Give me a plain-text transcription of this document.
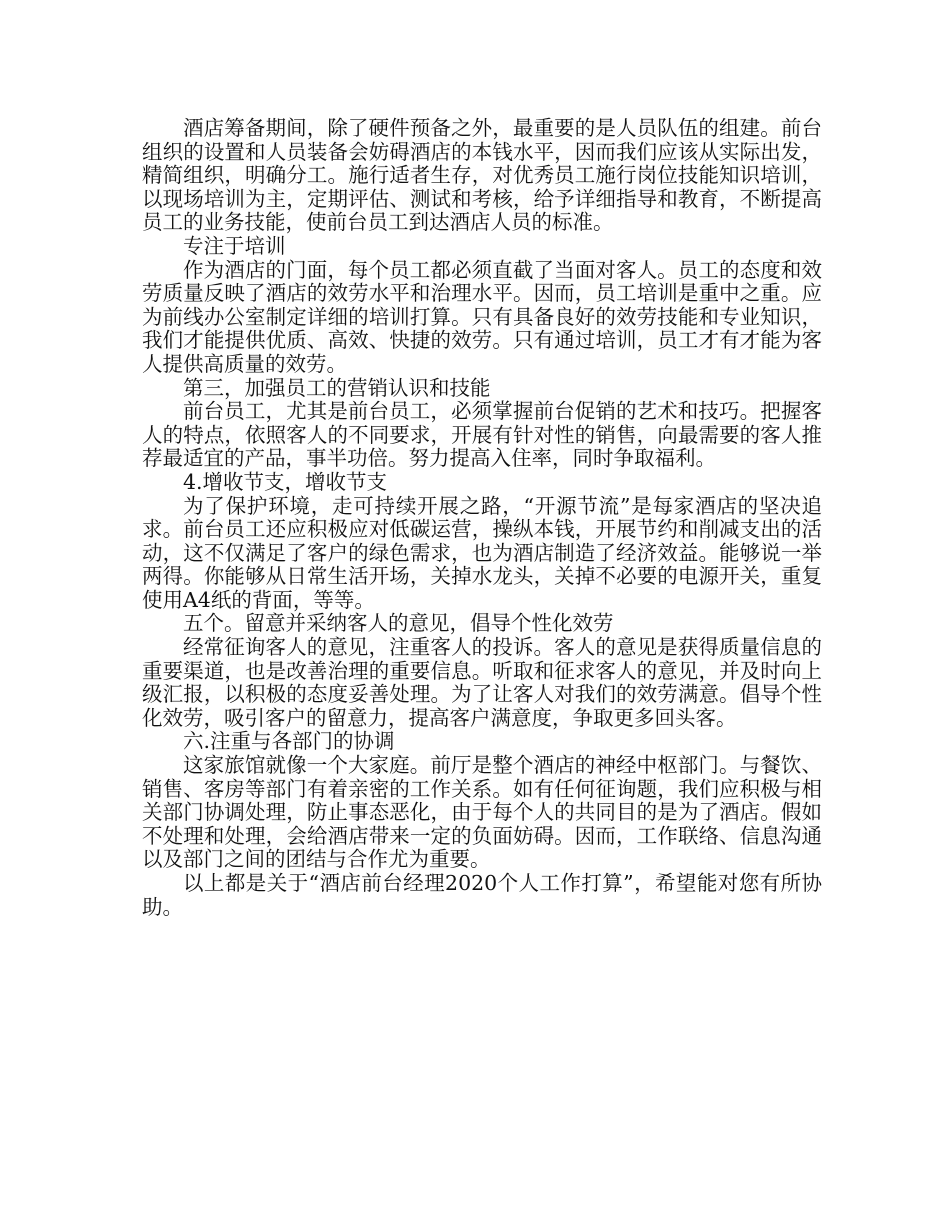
酒店筹备期间，除了硬件预备之外，最重要的是人员队伍的组建。前台组织的设置和人员装备会妨碍酒店的本钱水平，因而我们应该从实际出发，精简组织，明确分工。施行适者生存，对优秀员工施行岗位技能知识培训，以现场培训为主，定期评估、测试和考核，给予详细指导和教育，不断提高员工的业务技能，使前台员工到达酒店人员的标准。

专注于培训

作为酒店的门面，每个员工都必须直截了当面对客人。员工的态度和效劳质量反映了酒店的效劳水平和治理水平。因而，员工培训是重中之重。应为前线办公室制定详细的培训打算。只有具备良好的效劳技能和专业知识，我们才能提供优质、高效、快捷的效劳。只有通过培训，员工才有才能为客人提供高质量的效劳。

第三，加强员工的营销认识和技能

前台员工，尤其是前台员工，必须掌握前台促销的艺术和技巧。把握客人的特点，依照客人的不同要求，开展有针对性的销售，向最需要的客人推荐最适宜的产品，事半功倍。努力提高入住率，同时争取福利。

4.增收节支，增收节支

为了保护环境，走可持续开展之路，“开源节流”是每家酒店的坚决追求。前台员工还应积极应对低碳运营，操纵本钱，开展节约和削减支出的活动，这不仅满足了客户的绿色需求，也为酒店制造了经济效益。能够说一举两得。你能够从日常生活开场，关掉水龙头，关掉不必要的电源开关，重复使用A4纸的背面，等等。

五个。留意并采纳客人的意见，倡导个性化效劳

经常征询客人的意见，注重客人的投诉。客人的意见是获得质量信息的重要渠道，也是改善治理的重要信息。听取和征求客人的意见，并及时向上级汇报，以积极的态度妥善处理。为了让客人对我们的效劳满意。倡导个性化效劳，吸引客户的留意力，提高客户满意度，争取更多回头客。

六.注重与各部门的协调

这家旅馆就像一个大家庭。前厅是整个酒店的神经中枢部门。与餐饮、销售、客房等部门有着亲密的工作关系。如有任何征询题，我们应积极与相关部门协调处理，防止事态恶化，由于每个人的共同目的是为了酒店。假如不处理和处理，会给酒店带来一定的负面妨碍。因而，工作联络、信息沟通以及部门之间的团结与合作尤为重要。

以上都是关于“酒店前台经理2020个人工作打算”，希望能对您有所协助。
